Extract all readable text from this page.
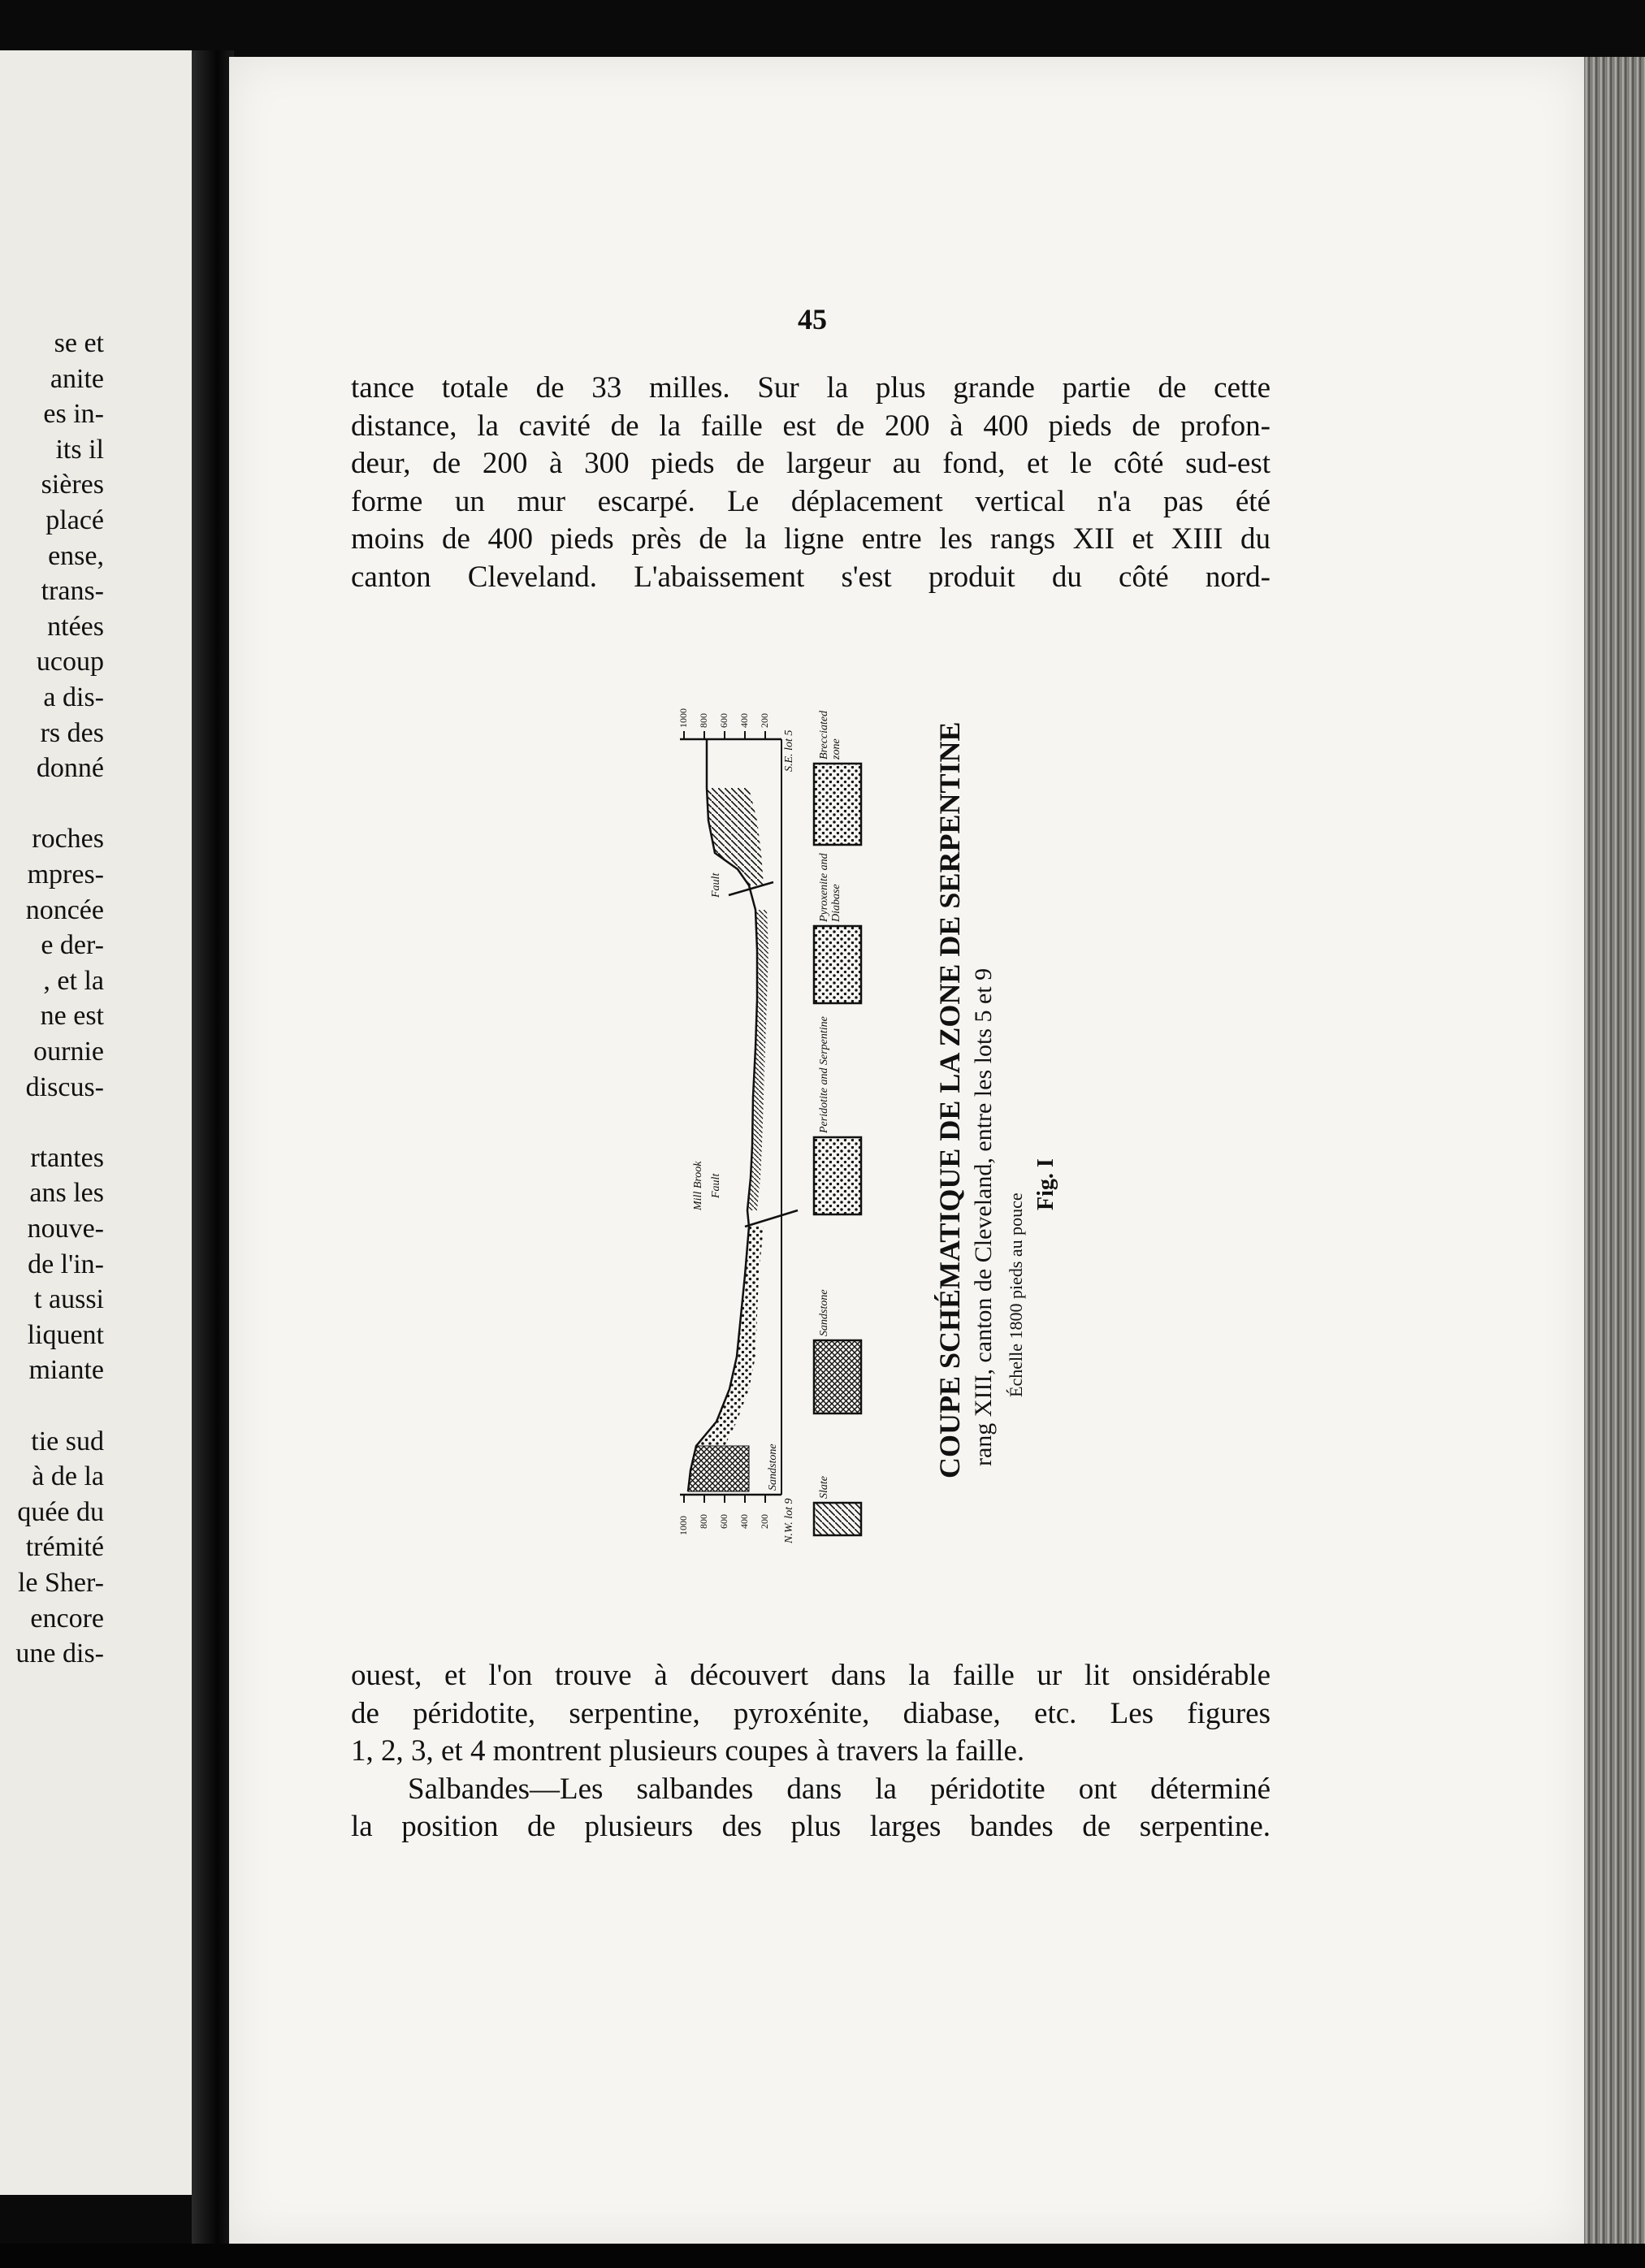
se et
anite
es in-
its il
sières
placé
ense,
trans-
ntées
ucoup
a dis-
rs des
donné
roches
mpres-
noncée
e der-
, et la
ne est
ournie
discus-
rtantes
ans les
nouve-
de l'in-
t aussi
liquent
miante
tie sud
à de la
quée du
trémité
le Sher-
encore
une dis-
45
tance totale de 33 milles. Sur la plus grande partie de cette
distance, la cavité de la faille est de 200 à 400 pieds de profon-
deur, de 200 à 300 pieds de largeur au fond, et le côté sud-est
forme un mur escarpé. Le déplacement vertical n'a pas été
moins de 400 pieds près de la ligne entre les rangs XII et XIII du
canton Cleveland. L'abaissement s'est produit du côté nord-
Slate
Sandstone
Peridotite and Serpentine
Pyroxenite and Diabase
Brecciated zone
N.W. lot 9
S.E. lot 5
Mill Brook Fault
Fault
Sandstone
1000 800 600 400 200
1000 800 600 400 200
COUPE SCHÉMATIQUE DE LA ZONE DE SERPENTINE rang XIII, canton de Cleveland, entre les lots 5 et 9 Échelle 1800 pieds au pouce
Fig. I
ouest, et l'on trouve à découvert dans la faille ur lit onsidérable
de péridotite, serpentine, pyroxénite, diabase, etc. Les figures
1, 2, 3, et 4 montrent plusieurs coupes à travers la faille.
Salbandes—Les salbandes dans la péridotite ont déterminé
la position de plusieurs des plus larges bandes de serpentine.
